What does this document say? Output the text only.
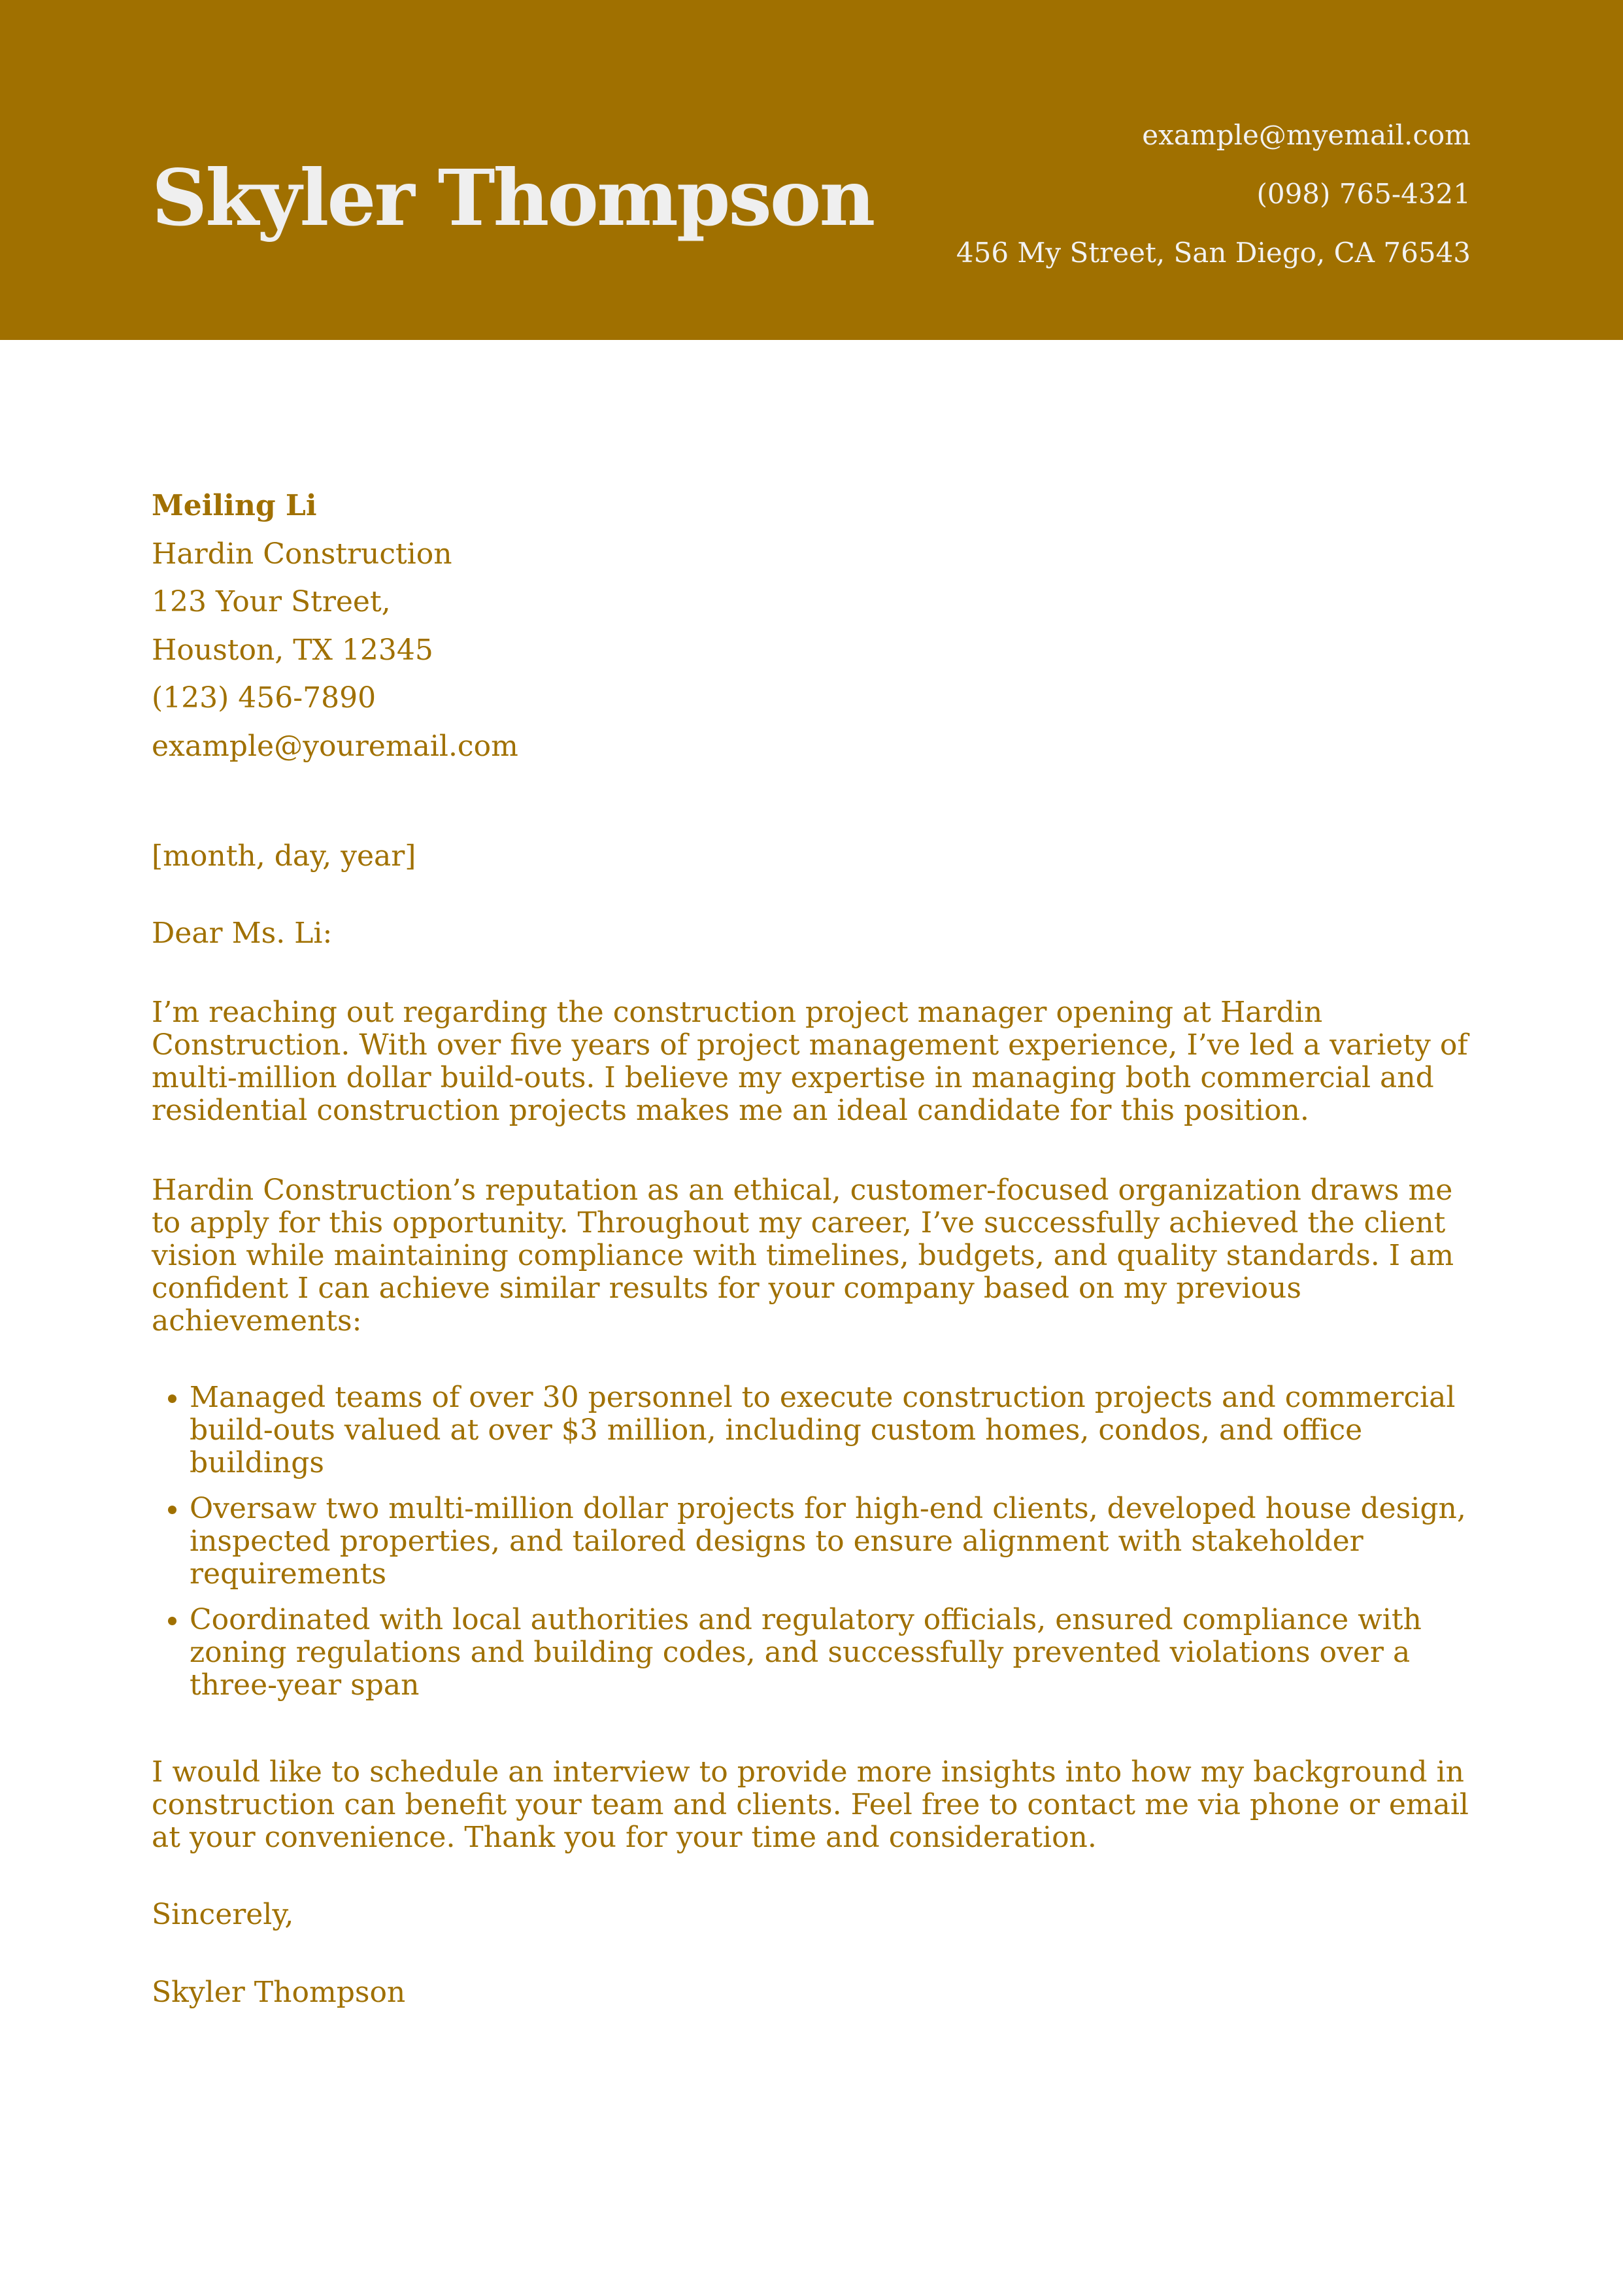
Skyler Thompson
example@myemail.com
(098) 765-4321
456 My Street, San Diego, CA 76543
Meiling Li
Hardin Construction
123 Your Street,
Houston, TX 12345
(123) 456-7890
example@youremail.com
[month, day, year]
Dear Ms. Li:

I’m reaching out regarding the construction project manager opening at Hardin Construction. With over five years of project management experience, I’ve led a variety of multi-million dollar build-outs. I believe my expertise in managing both commercial and residential construction projects makes me an ideal candidate for this position.

Hardin Construction’s reputation as an ethical, customer-focused organization draws me to apply for this opportunity. Throughout my career, I’ve successfully achieved the client vision while maintaining compliance with timelines, budgets, and quality standards. I am confident I can achieve similar results for your company based on my previous achievements:

• Managed teams of over 30 personnel to execute construction projects and commercial build-outs valued at over $3 million, including custom homes, condos, and office buildings
• Oversaw two multi-million dollar projects for high-end clients, developed house design, inspected properties, and tailored designs to ensure alignment with stakeholder requirements
• Coordinated with local authorities and regulatory officials, ensured compliance with zoning regulations and building codes, and successfully prevented violations over a three-year span

I would like to schedule an interview to provide more insights into how my background in construction can benefit your team and clients. Feel free to contact me via phone or email at your convenience. Thank you for your time and consideration.

Sincerely,
Skyler Thompson
